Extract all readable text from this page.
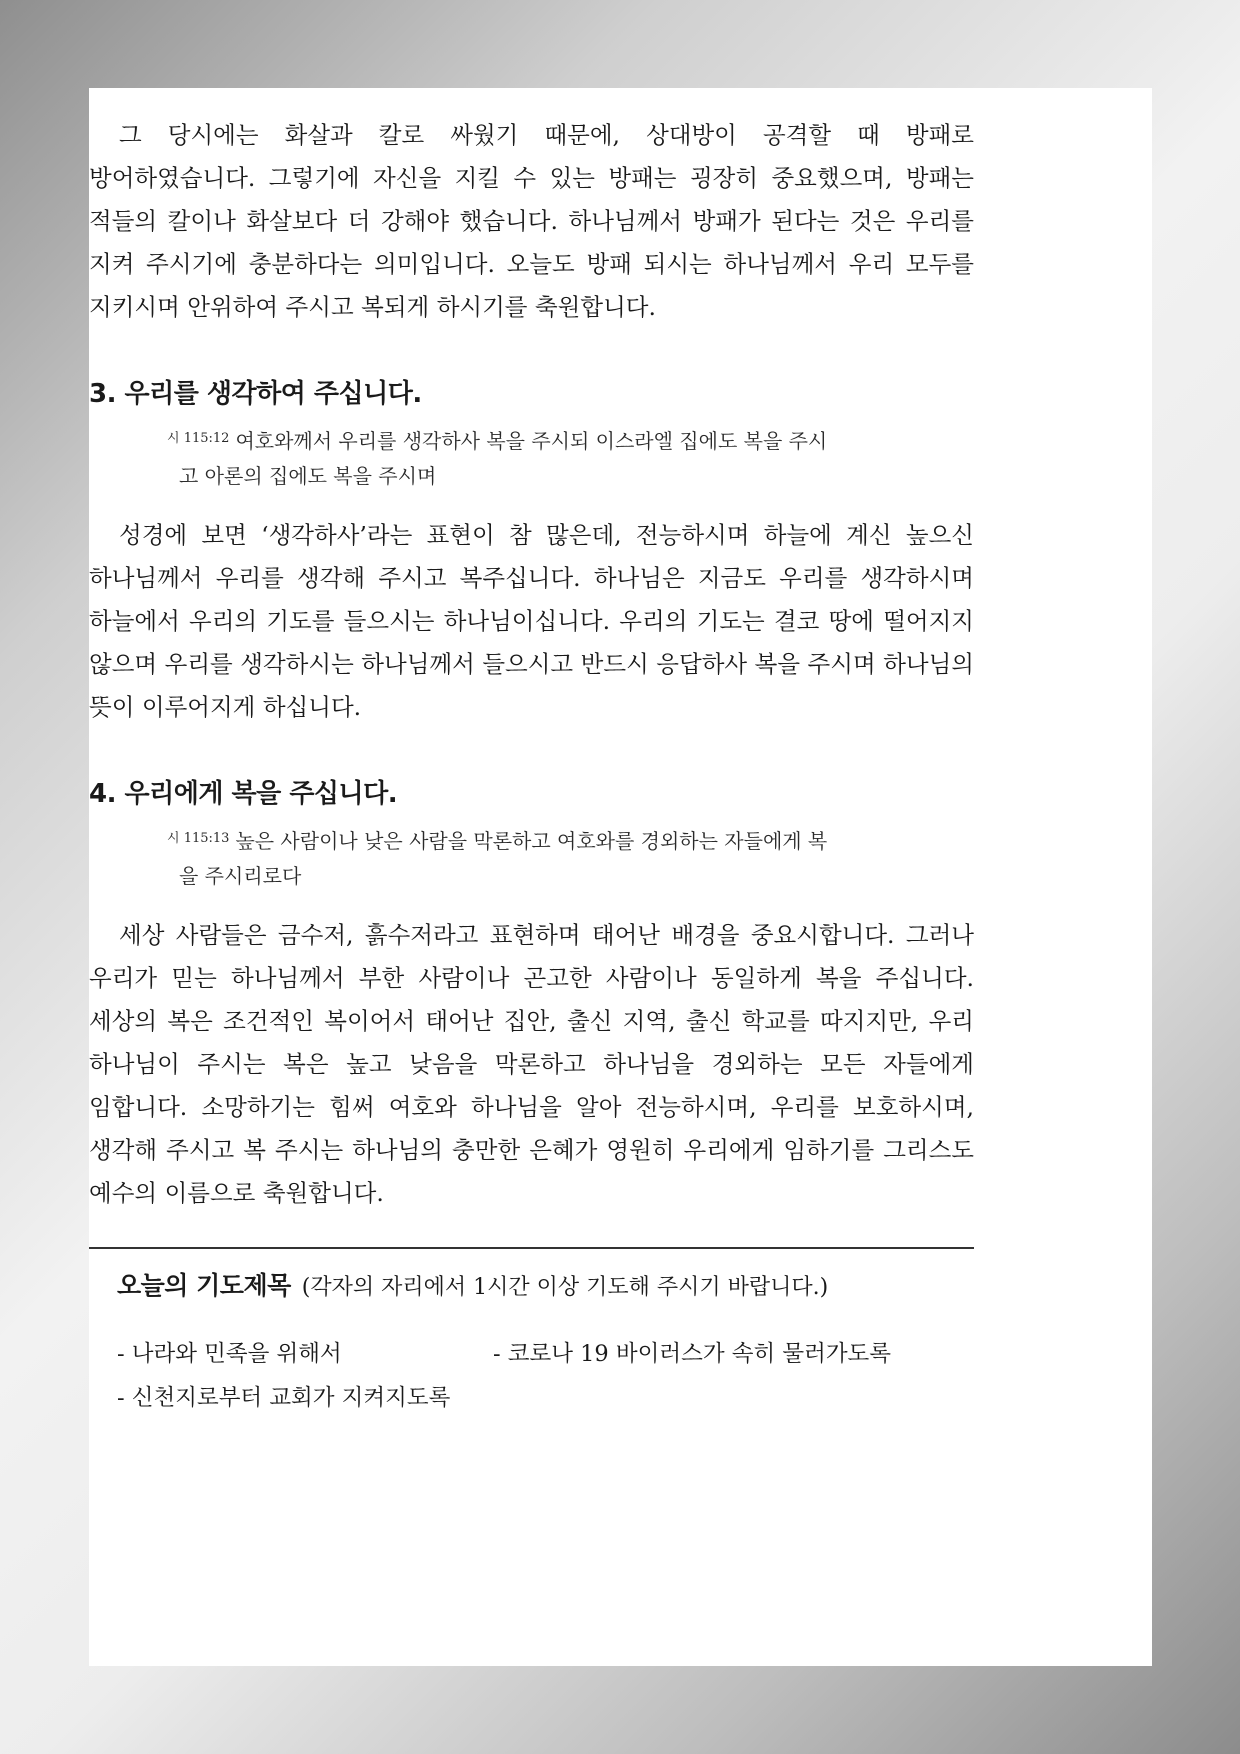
그 당시에는 화살과 칼로 싸웠기 때문에, 상대방이 공격할 때 방패로 방어하였습니다. 그렇기에 자신을 지킬 수 있는 방패는 굉장히 중요했으며, 방패는 적들의 칼이나 화살보다 더 강해야 했습니다. 하나님께서 방패가 된다는 것은 우리를 지켜 주시기에 충분하다는 의미입니다. 오늘도 방패 되시는 하나님께서 우리 모두를 지키시며 안위하여 주시고 복되게 하시기를 축원합니다.

3. 우리를 생각하여 주십니다.
$^{시 115:12}$ 여호와께서 우리를 생각하사 복을 주시되 이스라엘 집에도 복을 주시
고 아론의 집에도 복을 주시며

성경에 보면 ‘생각하사’라는 표현이 참 많은데, 전능하시며 하늘에 계신 높으신 하나님께서 우리를 생각해 주시고 복주십니다. 하나님은 지금도 우리를 생각하시며 하늘에서 우리의 기도를 들으시는 하나님이십니다. 우리의 기도는 결코 땅에 떨어지지 않으며 우리를 생각하시는 하나님께서 들으시고 반드시 응답하사 복을 주시며 하나님의 뜻이 이루어지게 하십니다.

4. 우리에게 복을 주십니다.
$^{시 115:13}$ 높은 사람이나 낮은 사람을 막론하고 여호와를 경외하는 자들에게 복
을 주시리로다

세상 사람들은 금수저, 흙수저라고 표현하며 태어난 배경을 중요시합니다. 그러나 우리가 믿는 하나님께서 부한 사람이나 곤고한 사람이나 동일하게 복을 주십니다. 세상의 복은 조건적인 복이어서 태어난 집안, 출신 지역, 출신 학교를 따지지만, 우리 하나님이 주시는 복은 높고 낮음을 막론하고 하나님을 경외하는 모든 자들에게 임합니다. 소망하기는 힘써 여호와 하나님을 알아 전능하시며, 우리를 보호하시며, 생각해 주시고 복 주시는 하나님의 충만한 은혜가 영원히 우리에게 임하기를 그리스도 예수의 이름으로 축원합니다.

오늘의 기도제목 (각자의 자리에서 1시간 이상 기도해 주시기 바랍니다.)
- 나라와 민족을 위해서	- 코로나 19 바이러스가 속히 물러가도록
- 신천지로부터 교회가 지켜지도록
